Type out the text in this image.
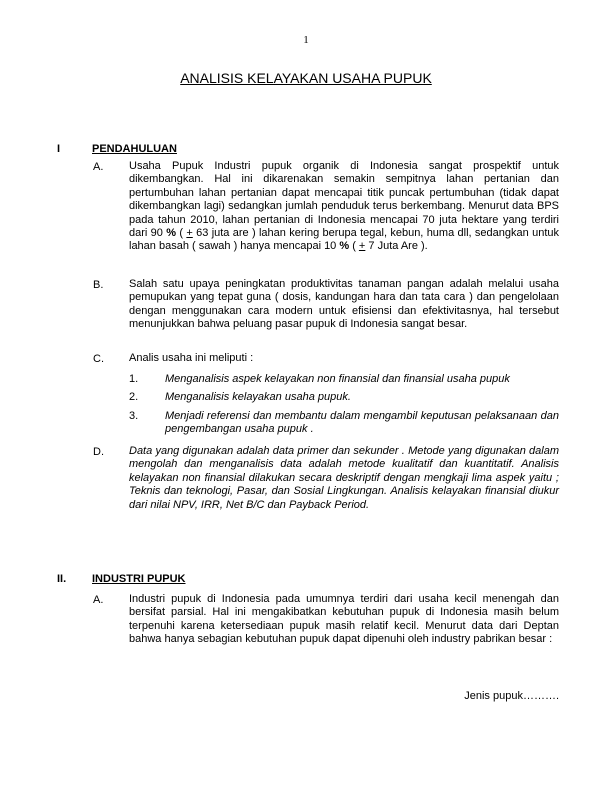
1
ANALISIS KELAYAKAN USAHA PUPUK
I	PENDAHULUAN
A. Usaha Pupuk Industri pupuk organik di Indonesia sangat prospektif untuk dikembangkan. Hal ini dikarenakan semakin sempitnya lahan pertanian dan pertumbuhan lahan pertanian dapat mencapai titik puncak pertumbuhan (tidak dapat dikembangkan lagi) sedangkan jumlah penduduk terus berkembang. Menurut data BPS pada tahun 2010, lahan pertanian di Indonesia mencapai 70 juta hektare yang terdiri dari 90 % ( + 63 juta are ) lahan kering berupa tegal, kebun, huma dll, sedangkan untuk lahan basah ( sawah ) hanya mencapai 10 % ( + 7 Juta Are ).

B. Salah satu upaya peningkatan produktivitas tanaman pangan adalah melalui usaha pemupukan yang tepat guna ( dosis, kandungan hara dan tata cara ) dan pengelolaan dengan menggunakan cara modern untuk efisiensi dan efektivitasnya, hal tersebut menunjukkan bahwa peluang pasar pupuk di Indonesia sangat besar.

C. Analis usaha ini meliputi :

1. Menganalisis aspek kelayakan non finansial dan finansial usaha pupuk

2. Menganalisis kelayakan usaha pupuk.

3. Menjadi referensi dan membantu dalam mengambil keputusan pelaksanaan dan pengembangan usaha pupuk .

D. Data yang digunakan adalah data primer dan sekunder . Metode yang digunakan dalam mengolah dan menganalisis data adalah metode kualitatif dan kuantitatif. Analisis kelayakan non finansial dilakukan secara deskriptif dengan mengkaji lima aspek yaitu ; Teknis dan teknologi, Pasar, dan Sosial Lingkungan. Analisis kelayakan finansial diukur dari nilai NPV, IRR, Net B/C dan Payback Period.

II. INDUSTRI PUPUK
A. Industri pupuk di Indonesia pada umumnya terdiri dari usaha kecil menengah dan bersifat parsial. Hal ini mengakibatkan kebutuhan pupuk di Indonesia masih belum terpenuhi karena ketersediaan pupuk masih relatif kecil. Menurut data dari Deptan bahwa hanya sebagian kebutuhan pupuk dapat dipenuhi oleh industry pabrikan besar :

Jenis pupuk……….
